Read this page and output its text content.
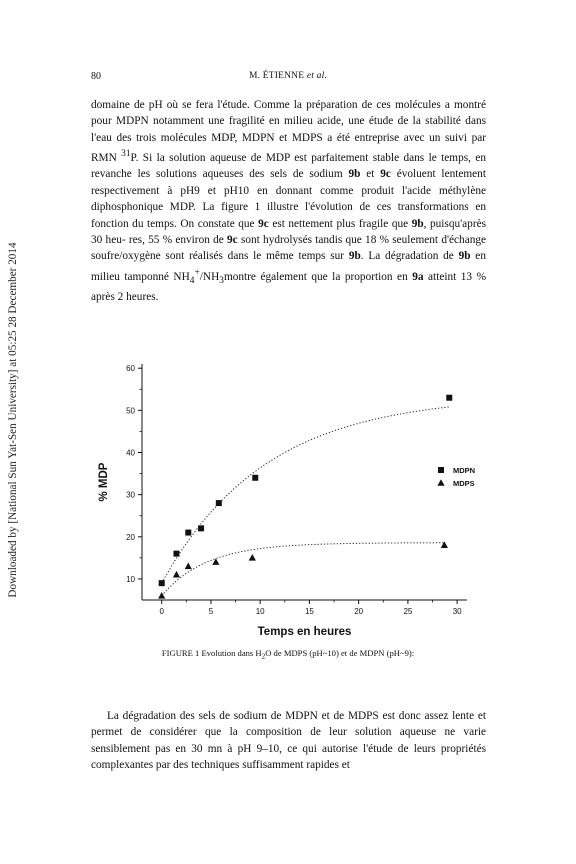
Downloaded by [National Sun Yat-Sen University] at 05:25 28 December 2014
80	M. ÉTIENNE et al.
domaine de pH où se fera l'étude. Comme la préparation de ces molécules a montré pour MDPN notamment une fragilité en milieu acide, une étude de la stabilité dans l'eau des trois molécules MDP, MDPN et MDPS a été entreprise avec un suivi par RMN $^{31}$P. Si la solution aqueuse de MDP est parfaitement stable dans le temps, en revanche les solutions aqueuses des sels de sodium 9b et 9c évoluent lentement respectivement à pH9 et pH10 en donnant comme produit l'acide méthylène diphosphonique MDP. La figure 1 illustre l'évolution de ces transformations en fonction du temps. On constate que 9c est nettement plus fragile que 9b, puisqu'après 30 heu- res, 55 % environ de 9c sont hydrolysés tandis que 18 % seulement d'échange soufre/oxygène sont réalisés dans le même temps sur 9b. La dégradation de 9b en milieu tamponné $NH_4^+/NH_3montre$ également que la proportion en 9a atteint 13 % après 2 heures.
0	5	10	15	20	25	30
10
20
30
40
50
60
Temps en heures
% MDP	MDPN
MDPS
FIGURE 1 Evolution dans $H_2O$ de MDPS (pH~10) et de MDPN (pH~9):
La dégradation des sels de sodium de MDPN et de MDPS est donc assez lente et permet de considérer que la composition de leur solution aqueuse ne varie sensiblement pas en 30 mn à pH 9–10, ce qui autorise l'étude de leurs propriétés complexantes par des techniques suffisamment rapides et
